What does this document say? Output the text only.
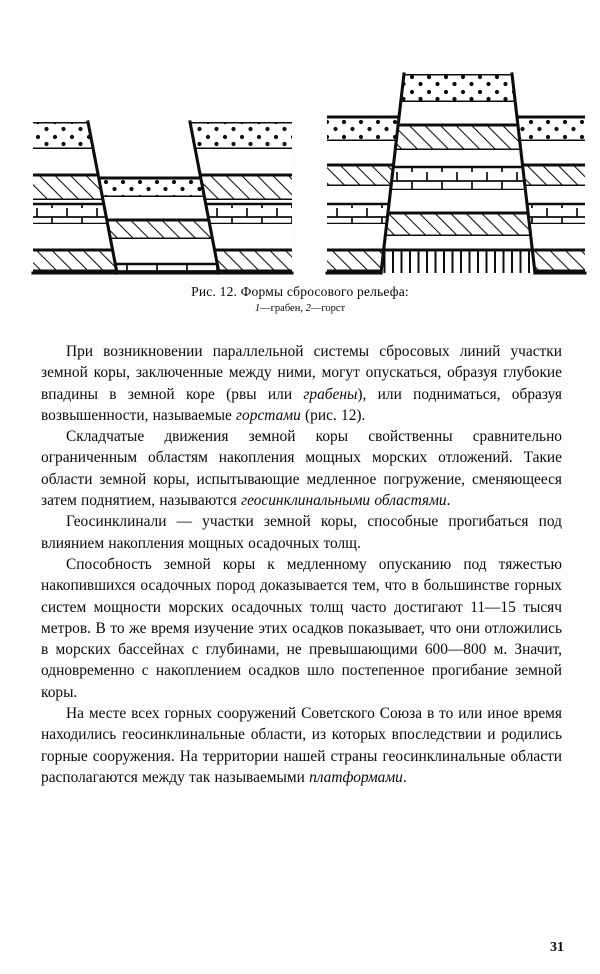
Рис. 12. Формы сбросового рельефа:
1—грабен, 2—горст

При возникновении параллельной системы сбросовых линий участки земной коры, заключенные между ними, могут опускаться, образуя глубокие впадины в земной коре (рвы или грабены), или подниматься, образуя возвышенности, называемые горстами (рис. 12).

Складчатые движения земной коры свойственны сравнительно ограниченным областям накопления мощных морских отложений. Такие области земной коры, испытывающие медленное погружение, сменяющееся затем поднятием, называются геосинклинальными областями.

Геосинклинали — участки земной коры, способные прогибаться под влиянием накопления мощных осадочных толщ.

Способность земной коры к медленному опусканию под тяжестью накопившихся осадочных пород доказывается тем, что в большинстве горных систем мощности морских осадочных толщ часто достигают 11—15 тысяч метров. В то же время изучение этих осадков показывает, что они отложились в морских бассейнах с глубинами, не превышающими 600—800 м. Значит, одновременно с накоплением осадков шло постепенное прогибание земной коры.

На месте всех горных сооружений Советского Союза в то или иное время находились геосинклинальные области, из которых впоследствии и родились горные сооружения. На территории нашей страны геосинклинальные области располагаются между так называемыми платформами.

31
